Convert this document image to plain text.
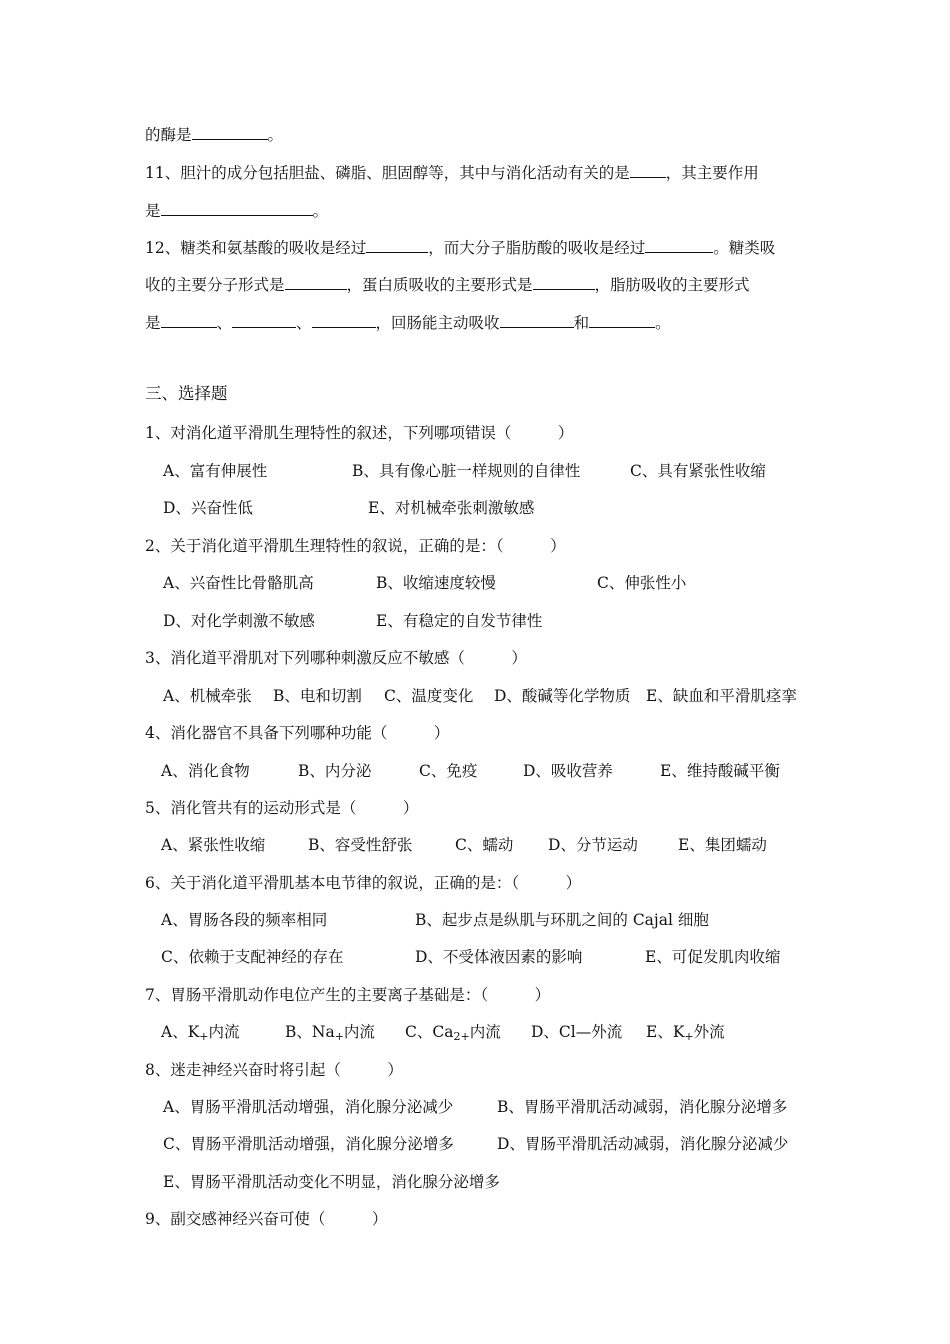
的酶是	。
11、胆汁的成分包括胆盐、磷脂、胆固醇等，其中与消化活动有关的是 ，其主要作用
是	。
12、糖类和氨基酸的吸收是经过	，而大分子脂肪酸的吸收是经过	。糖类吸
收的主要分子形式是	，蛋白质吸收的主要形式是	，脂肪吸收的主要形式
是	、	、	，回肠能主动吸收	和	。
三、选择题
1、对消化道平滑肌生理特性的叙述，下列哪项错误（　　　）
A、富有伸展性	B、具有像心脏一样规则的自律性	C、具有紧张性收缩
D、兴奋性低	E、对机械牵张刺激敏感
2、关于消化道平滑肌生理特性的叙说，正确的是：（　　　）
A、兴奋性比骨骼肌高	B、收缩速度较慢	C、伸张性小
D、对化学刺激不敏感	E、有稳定的自发节律性
3、消化道平滑肌对下列哪种刺激反应不敏感（　　　）
A、机械牵张 B、电和切割 C、温度变化 D、酸碱等化学物质 E、缺血和平滑肌痉挛
4、消化器官不具备下列哪种功能（　　　）
A、消化食物	B、内分泌	C、免疫	D、吸收营养	E、维持酸碱平衡
5、消化管共有的运动形式是（　　　）
A、紧张性收缩	B、容受性舒张	C、蠕动 D、分节运动	E、集团蠕动
6、关于消化道平滑肌基本电节律的叙说，正确的是：（　　　）
A、胃肠各段的频率相同	B、起步点是纵肌与环肌之间的 Cajal 细胞
C、依赖于支配神经的存在	D、不受体液因素的影响	E、可促发肌肉收缩
7、胃肠平滑肌动作电位产生的主要离子基础是：（　　　）
A、K+内流	B、Na+内流 C、Ca2+内流 D、Cl—外流 E、K+外流
8、迷走神经兴奋时将引起（　　　）
A、胃肠平滑肌活动增强，消化腺分泌减少	B、胃肠平滑肌活动减弱，消化腺分泌增多
C、胃肠平滑肌活动增强，消化腺分泌增多	D、胃肠平滑肌活动减弱，消化腺分泌减少
E、胃肠平滑肌活动变化不明显，消化腺分泌增多
9、副交感神经兴奋可使（　　　）
